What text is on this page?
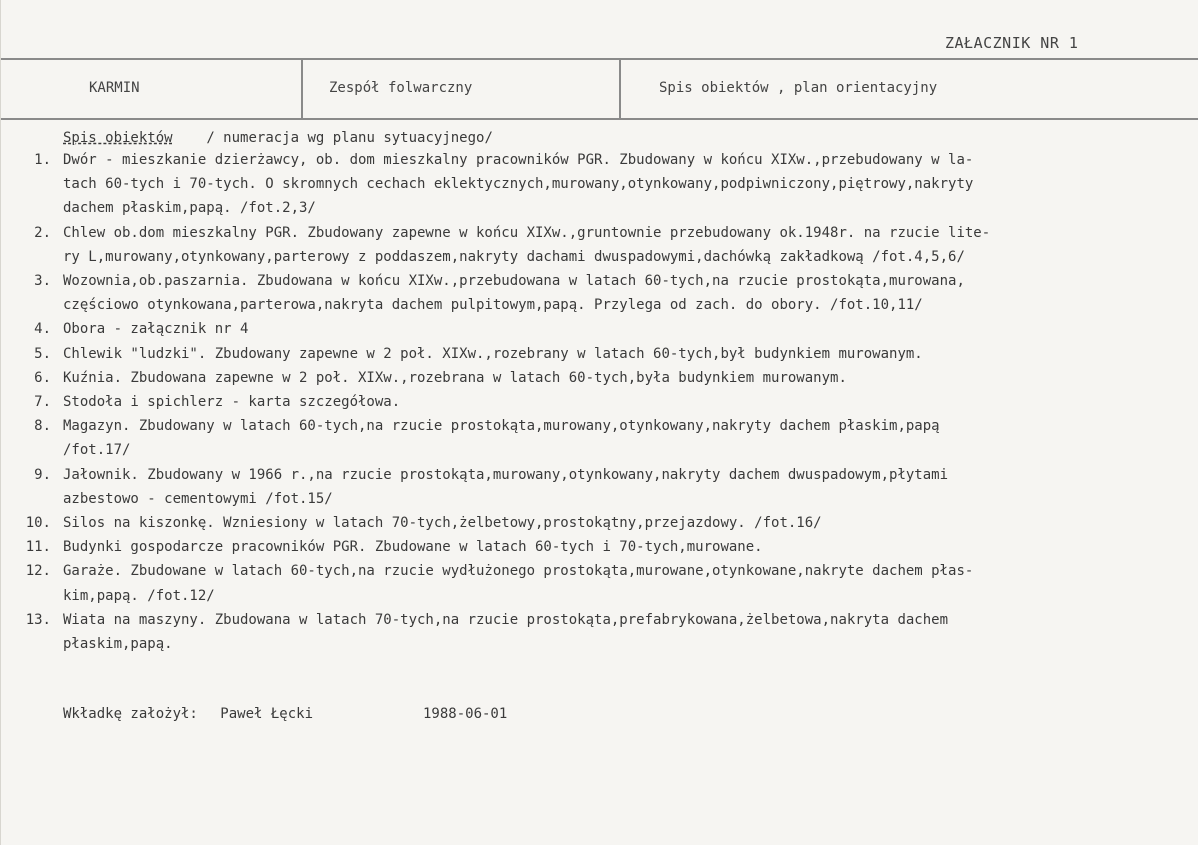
ZAŁACZNIK NR 1
KARMIN	Zespół folwarczny	Spis obiektów , plan orientacyjny
Spis obiektów / numeracja wg planu sytuacyjnego/
1. Dwór - mieszkanie dzierżawcy, ob. dom mieszkalny pracowników PGR. Zbudowany w końcu XIXw.,przebudowany w la-
tach 60-tych i 70-tych. O skromnych cechach eklektycznych,murowany,otynkowany,podpiwniczony,piętrowy,nakryty
dachem płaskim,papą. /fot.2,3/
2. Chlew ob.dom mieszkalny PGR. Zbudowany zapewne w końcu XIXw.,gruntownie przebudowany ok.1948r. na rzucie lite-
ry L,murowany,otynkowany,parterowy z poddaszem,nakryty dachami dwuspadowymi,dachówką zakładkową /fot.4,5,6/
3. Wozownia,ob.paszarnia. Zbudowana w końcu XIXw.,przebudowana w latach 60-tych,na rzucie prostokąta,murowana,
częściowo otynkowana,parterowa,nakryta dachem pulpitowym,papą. Przylega od zach. do obory. /fot.10,11/
4. Obora - załącznik nr 4
5. Chlewik "ludzki". Zbudowany zapewne w 2 poł. XIXw.,rozebrany w latach 60-tych,był budynkiem murowanym.
6. Kuźnia. Zbudowana zapewne w 2 poł. XIXw.,rozebrana w latach 60-tych,była budynkiem murowanym.
7. Stodoła i spichlerz - karta szczegółowa.
8. Magazyn. Zbudowany w latach 60-tych,na rzucie prostokąta,murowany,otynkowany,nakryty dachem płaskim,papą
/fot.17/
9. Jałownik. Zbudowany w 1966 r.,na rzucie prostokąta,murowany,otynkowany,nakryty dachem dwuspadowym,płytami
azbestowo - cementowymi /fot.15/
10. Silos na kiszonkę. Wzniesiony w latach 70-tych,żelbetowy,prostokątny,przejazdowy. /fot.16/
11. Budynki gospodarcze pracowników PGR. Zbudowane w latach 60-tych i 70-tych,murowane.
12. Garaże. Zbudowane w latach 60-tych,na rzucie wydłużonego prostokąta,murowane,otynkowane,nakryte dachem płas-
kim,papą. /fot.12/
13. Wiata na maszyny. Zbudowana w latach 70-tych,na rzucie prostokąta,prefabrykowana,żelbetowa,nakryta dachem
płaskim,papą.
Wkładkę założył: Paweł Łęcki	1988-06-01
